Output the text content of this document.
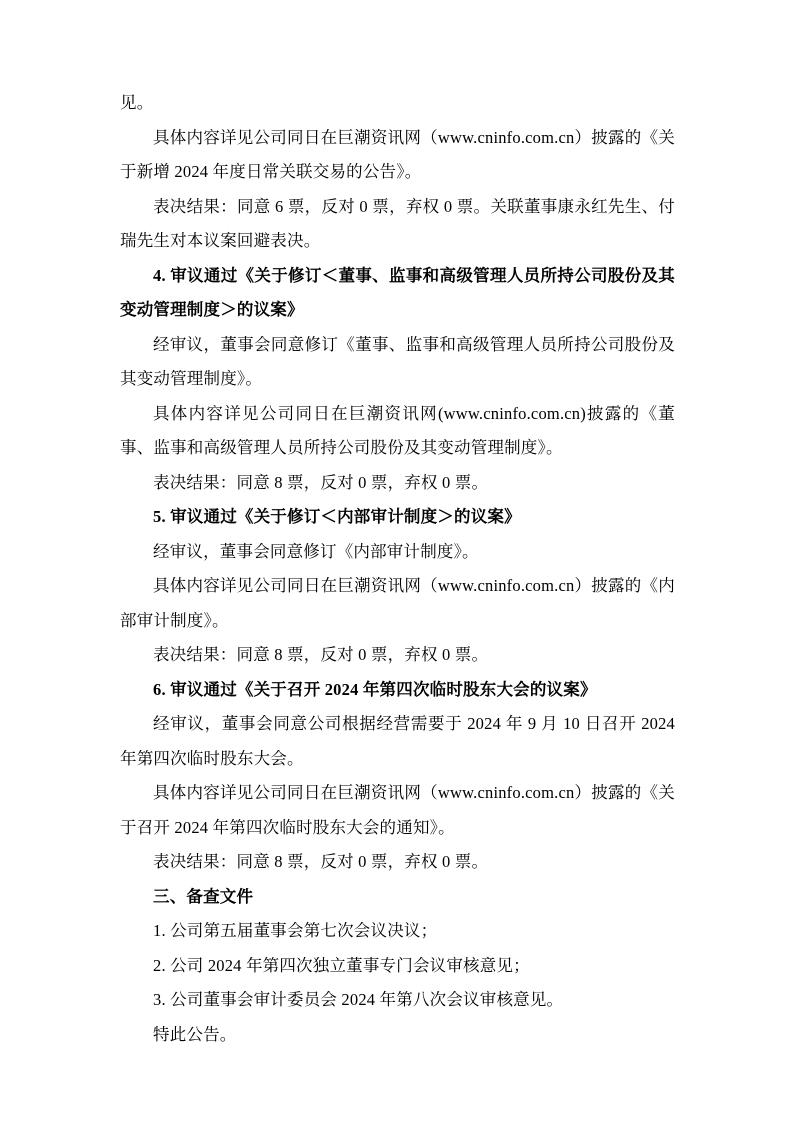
见。

具体内容详见公司同日在巨潮资讯网（www.cninfo.com.cn）披露的《关于新增 2024 年度日常关联交易的公告》。

表决结果：同意 6 票，反对 0 票，弃权 0 票。关联董事康永红先生、付瑞先生对本议案回避表决。

4. 审议通过《关于修订＜董事、监事和高级管理人员所持公司股份及其变动管理制度＞的议案》

经审议，董事会同意修订《董事、监事和高级管理人员所持公司股份及其变动管理制度》。

具体内容详见公司同日在巨潮资讯网(www.cninfo.com.cn)披露的《董事、监事和高级管理人员所持公司股份及其变动管理制度》。

表决结果：同意 8 票，反对 0 票，弃权 0 票。

5. 审议通过《关于修订＜内部审计制度＞的议案》

经审议，董事会同意修订《内部审计制度》。

具体内容详见公司同日在巨潮资讯网（www.cninfo.com.cn）披露的《内部审计制度》。

表决结果：同意 8 票，反对 0 票，弃权 0 票。

6. 审议通过《关于召开 2024 年第四次临时股东大会的议案》

经审议，董事会同意公司根据经营需要于 2024 年 9 月 10 日召开 2024 年第四次临时股东大会。

具体内容详见公司同日在巨潮资讯网（www.cninfo.com.cn）披露的《关于召开 2024 年第四次临时股东大会的通知》。

表决结果：同意 8 票，反对 0 票，弃权 0 票。

三、备查文件

1. 公司第五届董事会第七次会议决议；

2. 公司 2024 年第四次独立董事专门会议审核意见；

3. 公司董事会审计委员会 2024 年第八次会议审核意见。

特此公告。
